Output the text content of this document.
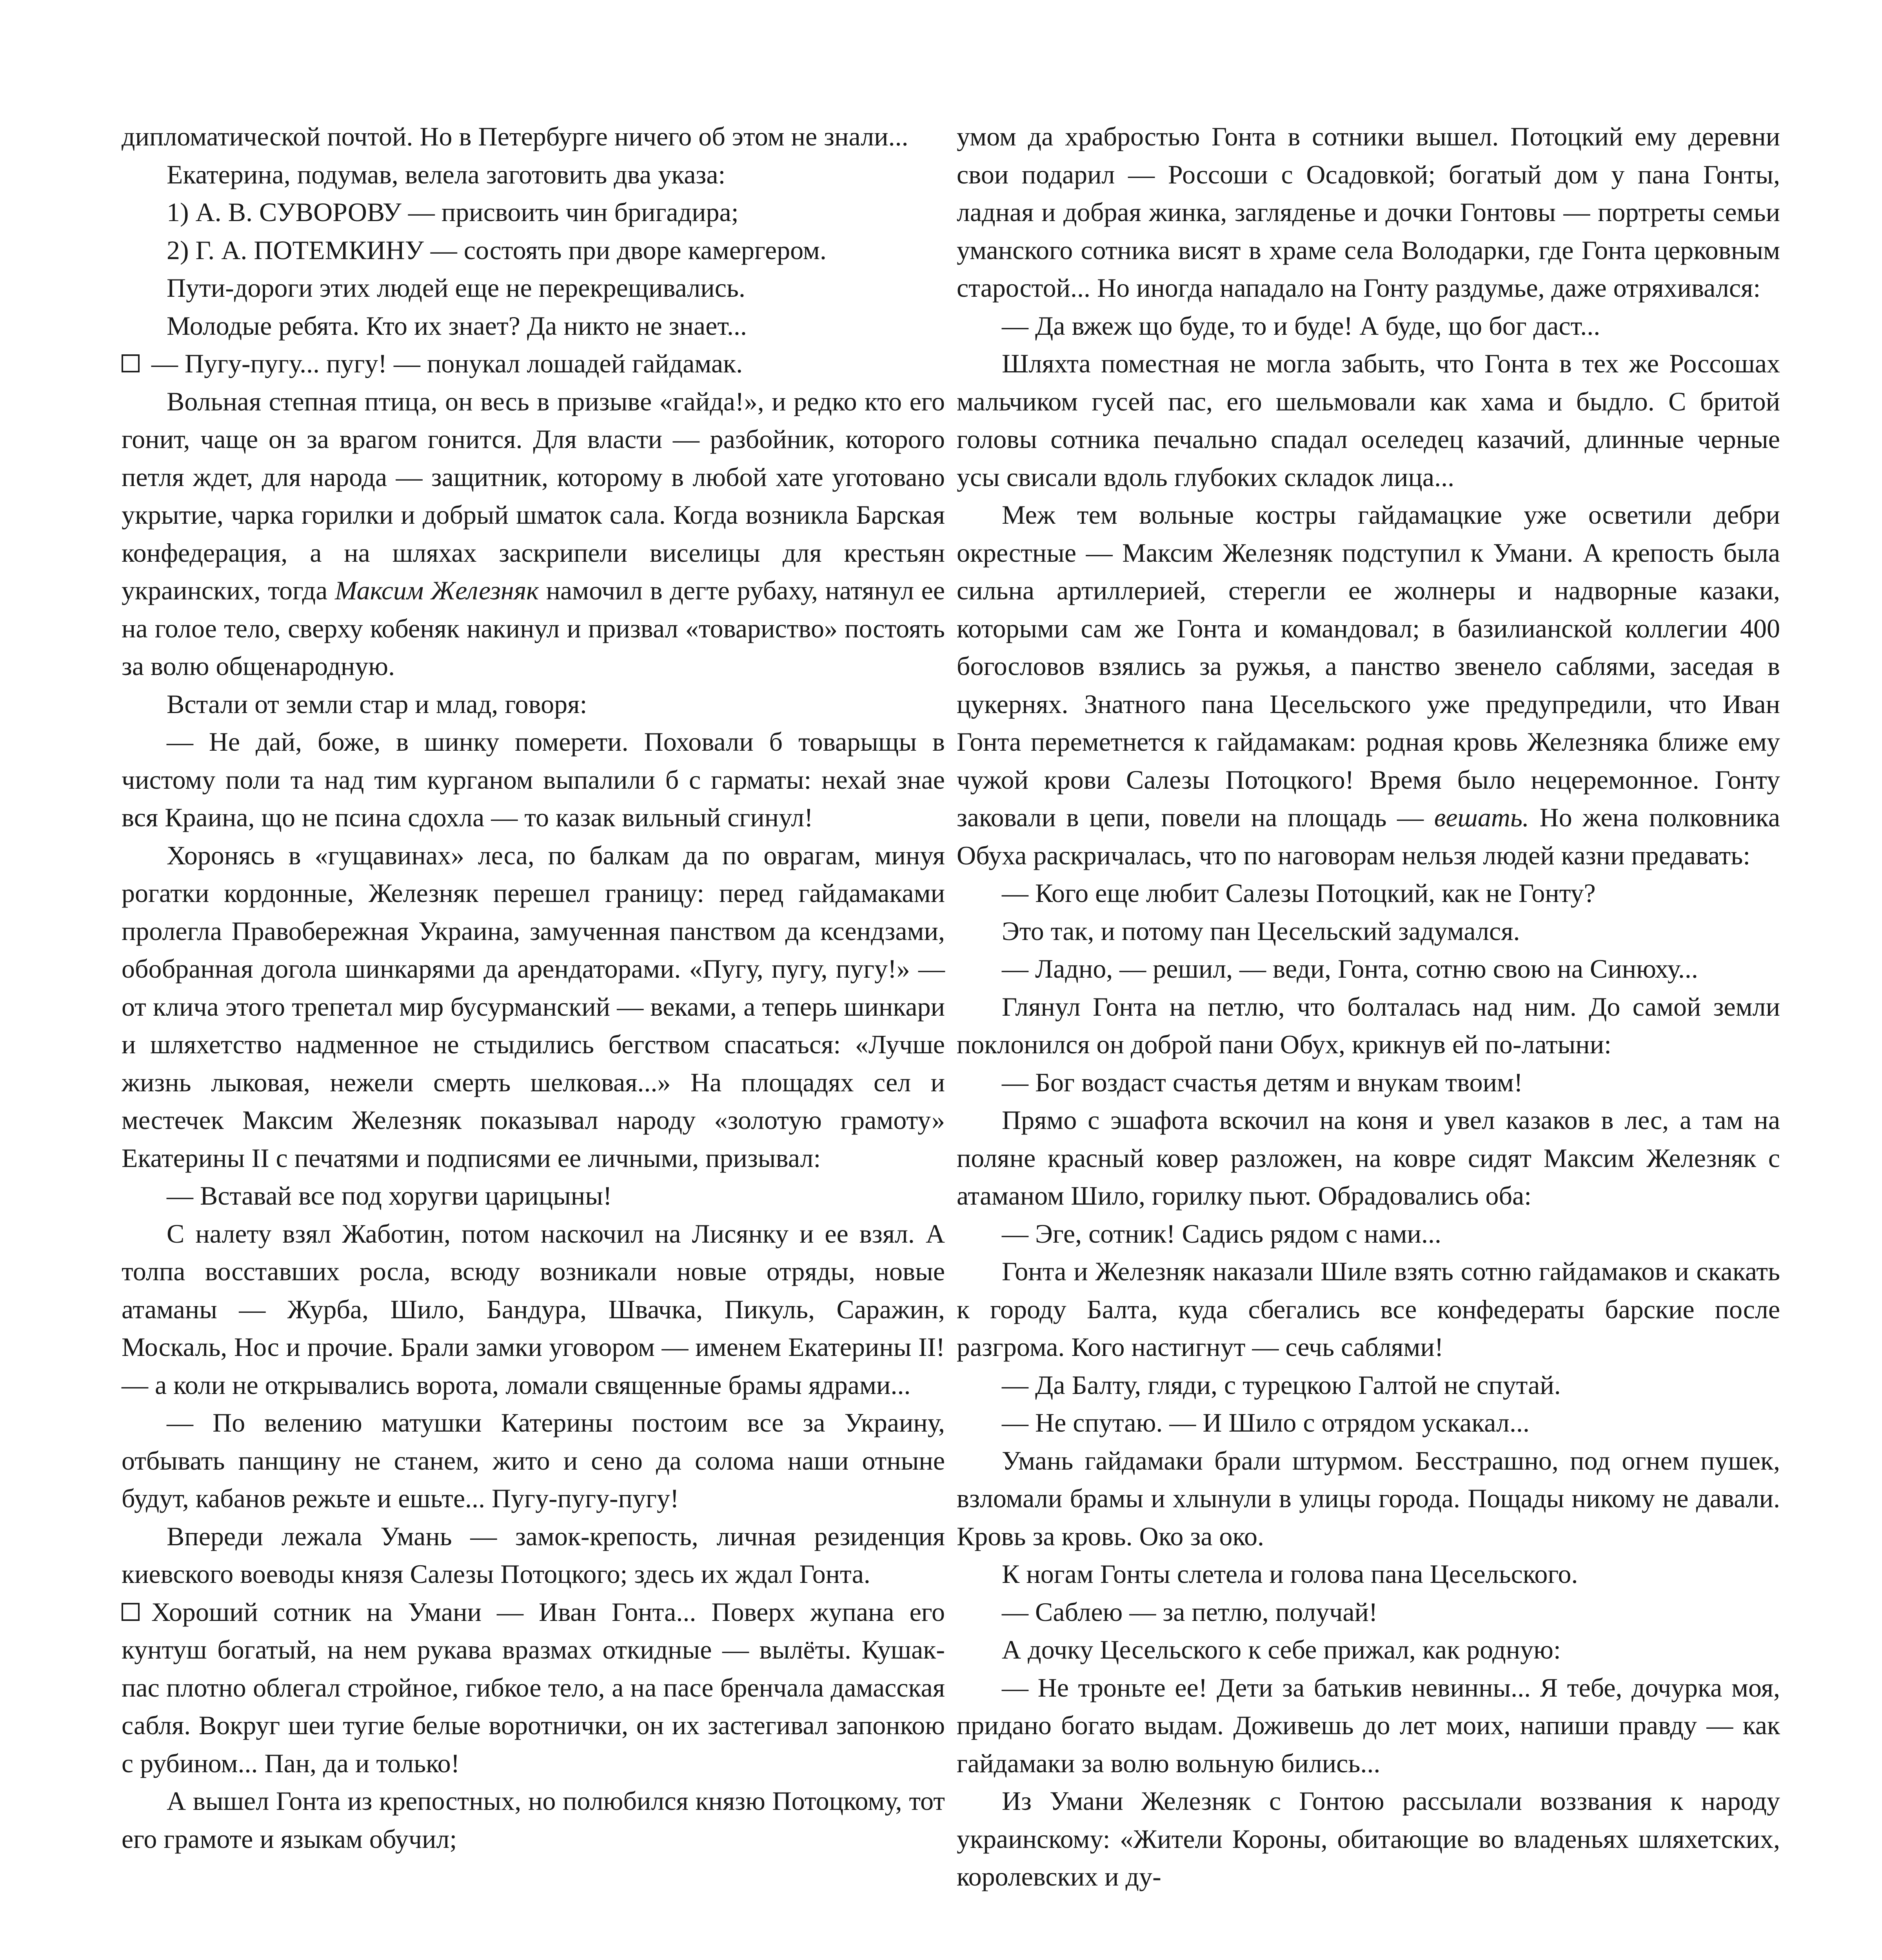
дипломатической почтой. Но в Петербурге ничего об этом не знали...

Екатерина, подумав, велела заготовить два указа:

1) А. В. СУВОРОВУ — присвоить чин бригадира;

2) Г. А. ПОТЕМКИНУ — состоять при дворе камергером.

Пути-дороги этих людей еще не перекрещивались.

Молодые ребята. Кто их знает? Да никто не знает...

— Пугу-пугу... пугу! — понукал лошадей гайдамак.

Вольная степная птица, он весь в призыве «гайда!», и редко кто его гонит, чаще он за врагом гонится. Для власти — разбойник, которого петля ждет, для народа — защитник, которому в любой хате уготовано укрытие, чарка горилки и добрый шматок сала. Когда возникла Барская конфедерация, а на шляхах заскрипели виселицы для крестьян украинских, тогда Максим Железняк намочил в дегте рубаху, натянул ее на голое тело, сверху кобеняк накинул и призвал «товариство» постоять за волю общенародную.

Встали от земли стар и млад, говоря:

— Не дай, боже, в шинку померети. Поховали б товарыщы в чистому поли та над тим курганом выпалили б с гарматы: нехай знае вся Краина, що не псина сдохла — то казак вильный сгинул!

Хоронясь в «гущавинах» леса, по балкам да по оврагам, минуя рогатки кордонные, Железняк перешел границу: перед гайдамаками пролегла Правобережная Украина, замученная панством да ксендзами, обобранная догола шинкарями да арендаторами. «Пугу, пугу, пугу!» — от клича этого трепетал мир бусурманский — веками, а теперь шинкари и шляхетство надменное не стыдились бегством спасаться: «Лучше жизнь лыковая, нежели смерть шелковая...» На площадях сел и местечек Максим Железняк показывал народу «золотую грамоту» Екатерины II с печатями и подписями ее личными, призывал:

— Вставай все под хоругви царицыны!

С налету взял Жаботин, потом наскочил на Лисянку и ее взял. А толпа восставших росла, всюду возникали новые отряды, новые атаманы — Журба, Шило, Бандура, Швачка, Пикуль, Саражин, Москаль, Нос и прочие. Брали замки уговором — именем Екатерины II! — а коли не открывались ворота, ломали священные брамы ядрами...

— По велению матушки Катерины постоим все за Украину, отбывать панщину не станем, жито и сено да солома наши отныне будут, кабанов режьте и ешьте... Пугу-пугу-пугу!

Впереди лежала Умань — замок-крепость, личная резиденция киевского воеводы князя Салезы Потоцкого; здесь их ждал Гонта.

Хороший сотник на Умани — Иван Гонта... Поверх жупана его кунтуш богатый, на нем рукава вразмах откидные — вылёты. Кушак-пас плотно облегал стройное, гибкое тело, а на пасе бренчала дамасская сабля. Вокруг шеи тугие белые воротнички, он их застегивал запонкою с рубином... Пан, да и только!

А вышел Гонта из крепостных, но полюбился князю Потоцкому, тот его грамоте и языкам обучил;

умом да храбростью Гонта в сотники вышел. Потоцкий ему деревни свои подарил — Россоши с Осадовкой; богатый дом у пана Гонты, ладная и добрая жинка, загляденье и дочки Гонтовы — портреты семьи уманского сотника висят в храме села Володарки, где Гонта церковным старостой... Но иногда нападало на Гонту раздумье, даже отряхивался:

— Да вжеж що буде, то и буде! А буде, що бог даст...

Шляхта поместная не могла забыть, что Гонта в тех же Россошах мальчиком гусей пас, его шельмовали как хама и быдло. С бритой головы сотника печально спадал оселедец казачий, длинные черные усы свисали вдоль глубоких складок лица...

Меж тем вольные костры гайдамацкие уже осветили дебри окрестные — Максим Железняк подступил к Умани. А крепость была сильна артиллерией, стерегли ее жолнеры и надворные казаки, которыми сам же Гонта и командовал; в базилианской коллегии 400 богословов взялись за ружья, а панство звенело саблями, заседая в цукернях. Знатного пана Цесельского уже предупредили, что Иван Гонта переметнется к гайдамакам: родная кровь Железняка ближе ему чужой крови Салезы Потоцкого! Время было нецеремонное. Гонту заковали в цепи, повели на площадь — вешать. Но жена полковника Обуха раскричалась, что по наговорам нельзя людей казни предавать:

— Кого еще любит Салезы Потоцкий, как не Гонту?

Это так, и потому пан Цесельский задумался.

— Ладно, — решил, — веди, Гонта, сотню свою на Синюху...

Глянул Гонта на петлю, что болталась над ним. До самой земли поклонился он доброй пани Обух, крикнув ей по-латыни:

— Бог воздаст счастья детям и внукам твоим!

Прямо с эшафота вскочил на коня и увел казаков в лес, а там на поляне красный ковер разложен, на ковре сидят Максим Железняк с атаманом Шило, горилку пьют. Обрадовались оба:

— Эге, сотник! Садись рядом с нами...

Гонта и Железняк наказали Шиле взять сотню гайдамаков и скакать к городу Балта, куда сбегались все конфедераты барские после разгрома. Кого настигнут — сечь саблями!

— Да Балту, гляди, с турецкою Галтой не спутай.

— Не спутаю. — И Шило с отрядом ускакал...

Умань гайдамаки брали штурмом. Бесстрашно, под огнем пушек, взломали брамы и хлынули в улицы города. Пощады никому не давали. Кровь за кровь. Око за око.

К ногам Гонты слетела и голова пана Цесельского.

— Саблею — за петлю, получай!

А дочку Цесельского к себе прижал, как родную:

— Не троньте ее! Дети за батькив невинны... Я тебе, дочурка моя, придано богато выдам. Доживешь до лет моих, напиши правду — как гайдамаки за волю вольную бились...

Из Умани Железняк с Гонтою рассылали воззвания к народу украинскому: «Жители Короны, обитающие во владеньях шляхетских, королевских и ду-
